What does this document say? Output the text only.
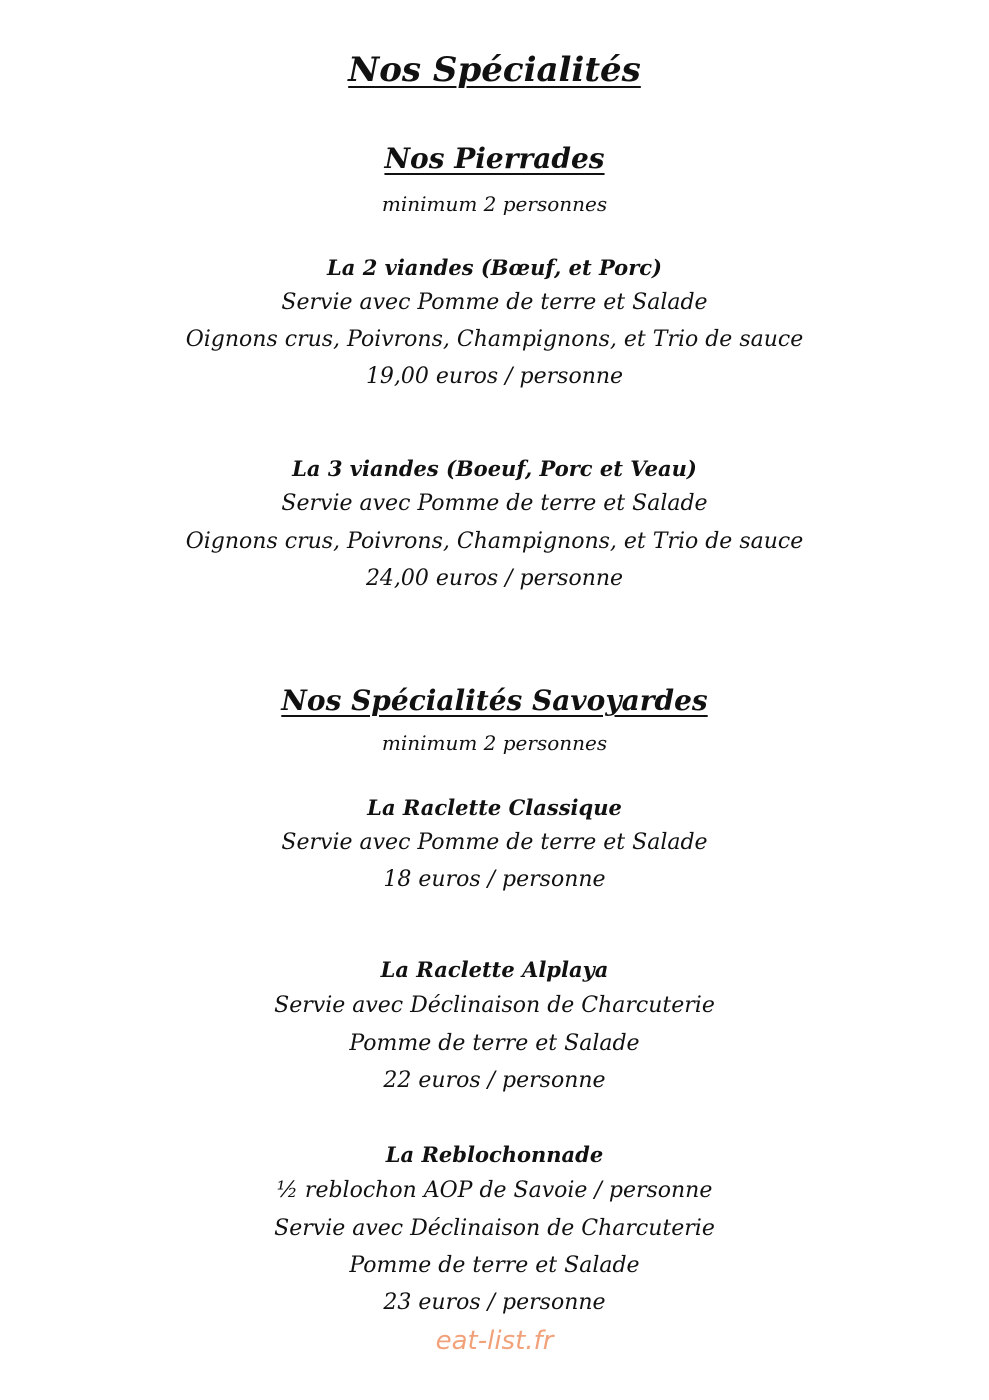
Nos Spécialités
Nos Pierrades
minimum 2 personnes
La 2 viandes (Bœuf, et Porc)
Servie avec Pomme de terre et Salade
Oignons crus, Poivrons, Champignons, et Trio de sauce
19,00 euros / personne
La 3 viandes (Boeuf, Porc et Veau)
Servie avec Pomme de terre et Salade
Oignons crus, Poivrons, Champignons, et Trio de sauce
24,00 euros / personne
Nos Spécialités Savoyardes
minimum 2 personnes
La Raclette Classique
Servie avec Pomme de terre et Salade
18 euros / personne
La Raclette Alplaya
Servie avec Déclinaison de Charcuterie
Pomme de terre et Salade
22 euros / personne
La Reblochonnade
½ reblochon AOP de Savoie / personne
Servie avec Déclinaison de Charcuterie
Pomme de terre et Salade
23 euros / personne
eat-list.fr
